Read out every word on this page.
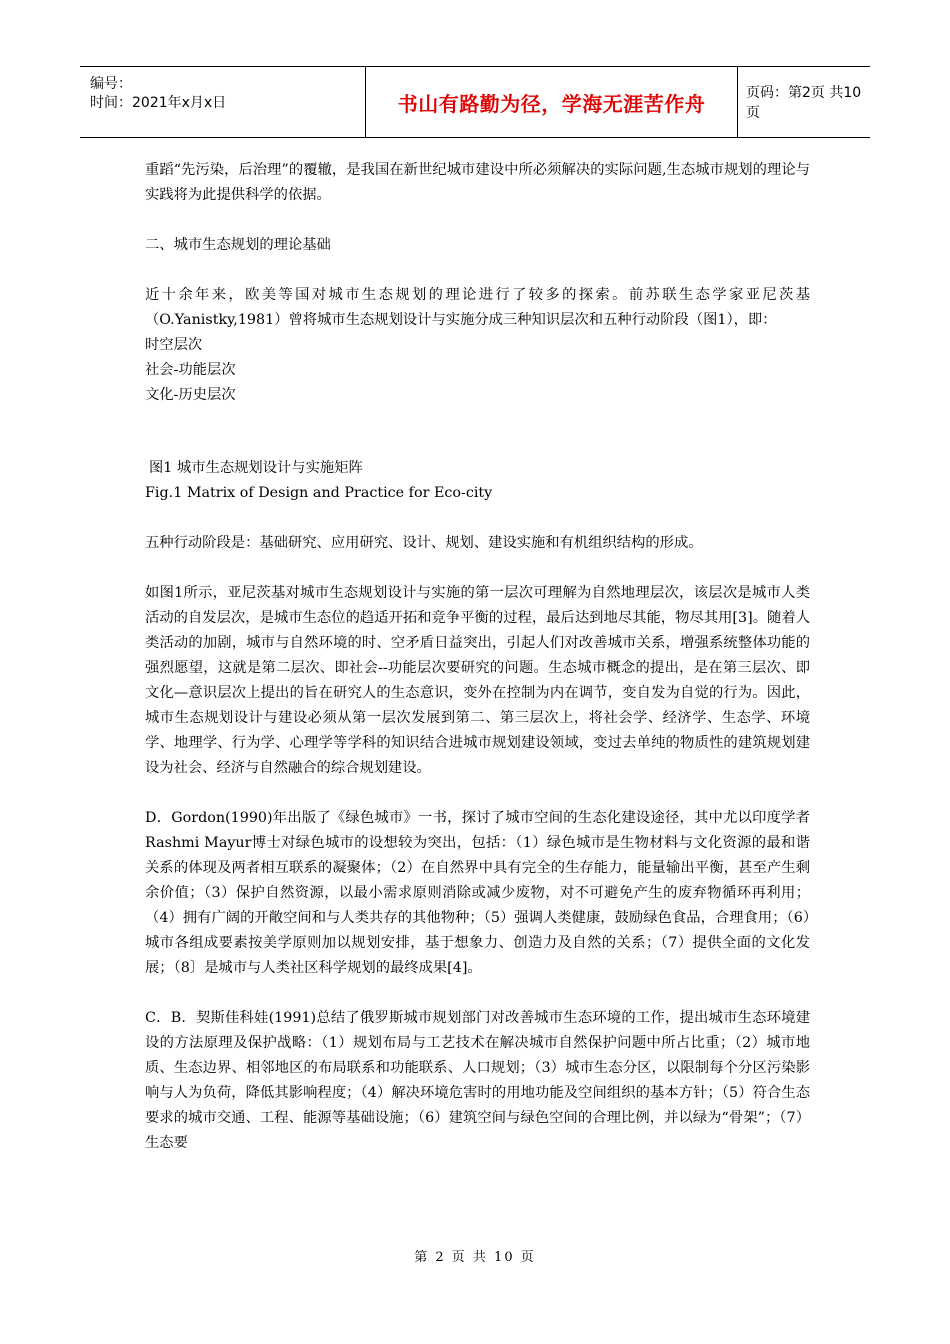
编号：
时间：2021年x月x日	书山有路勤为径，学海无涯苦作舟	页码：第2页 共10页

重蹈“先污染，后治理”的覆辙，是我国在新世纪城市建设中所必须解决的实际问题,生态城市规划的理论与实践将为此提供科学的依据。

二、城市生态规划的理论基础

近十余年来，欧美等国对城市生态规划的理论进行了较多的探索。前苏联生态学家亚尼茨基（O.Yanistky,1981）曾将城市生态规划设计与实施分成三种知识层次和五种行动阶段（图1），即：

时空层次
社会-功能层次
文化-历史层次
图1 城市生态规划设计与实施矩阵
Fig.1 Matrix of Design and Practice for Eco-city

五种行动阶段是：基础研究、应用研究、设计、规划、建设实施和有机组织结构的形成。

如图1所示，亚尼茨基对城市生态规划设计与实施的第一层次可理解为自然地理层次，该层次是城市人类活动的自发层次，是城市生态位的趋适开拓和竞争平衡的过程，最后达到地尽其能，物尽其用[3]。随着人类活动的加剧，城市与自然环境的时、空矛盾日益突出，引起人们对改善城市关系，增强系统整体功能的强烈愿望，这就是第二层次、即社会--功能层次要研究的问题。生态城市概念的提出，是在第三层次、即文化—意识层次上提出的旨在研究人的生态意识，变外在控制为内在调节，变自发为自觉的行为。因此，城市生态规划设计与建设必须从第一层次发展到第二、第三层次上，将社会学、经济学、生态学、环境学、地理学、行为学、心理学等学科的知识结合进城市规划建设领域，变过去单纯的物质性的建筑规划建设为社会、经济与自然融合的综合规划建设。

D．Gordon(1990)年出版了《绿色城市》一书，探讨了城市空间的生态化建设途径，其中尤以印度学者 Rashmi Mayur博士对绿色城市的设想较为突出，包括：（1）绿色城市是生物材料与文化资源的最和谐关系的体现及两者相互联系的凝聚体；（2）在自然界中具有完全的生存能力，能量输出平衡，甚至产生剩余价值；（3）保护自然资源，以最小需求原则消除或减少废物，对不可避免产生的废弃物循环再利用；（4）拥有广阔的开敞空间和与人类共存的其他物种；（5）强调人类健康，鼓励绿色食品，合理食用；（6）城市各组成要素按美学原则加以规划安排，基于想象力、创造力及自然的关系；（7）提供全面的文化发展；（8〕是城市与人类社区科学规划的最终成果[4]。

C．B．契斯佳科娃(1991)总结了俄罗斯城市规划部门对改善城市生态环境的工作，提出城市生态环境建设的方法原理及保护战略：（1）规划布局与工艺技术在解决城市自然保护问题中所占比重；（2）城市地质、生态边界、相邻地区的布局联系和功能联系、人口规划；（3）城市生态分区，以限制每个分区污染影响与人为负荷，降低其影响程度；（4）解决环境危害时的用地功能及空间组织的基本方针；（5）符合生态要求的城市交通、工程、能源等基础设施；（6）建筑空间与绿色空间的合理比例，并以绿为“骨架”；（7）生态要

第 2 页 共 10 页
